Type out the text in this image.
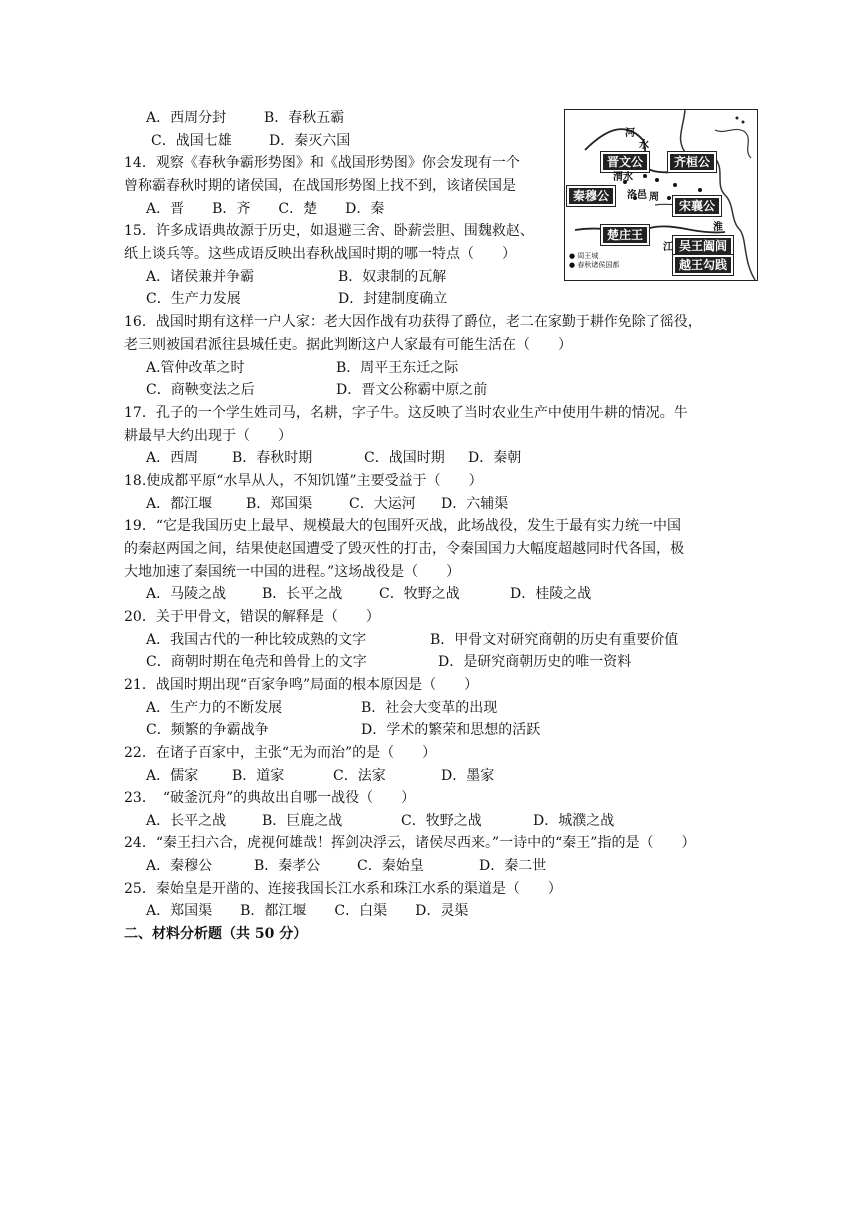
A．西周分封	B．春秋五霸
C．战国七雄	D．秦灭六国
晋文公	齐桓公
秦穆公
宋襄公
楚庄王
吴王阖闾
越王勾践
河
水
渭水
淮
江
洛邑 周
● 周王城
● 春秋诸侯国都
14．观察《春秋争霸形势图》和《战国形势图》你会发现有一个
曾称霸春秋时期的诸侯国，在战国形势图上找不到，该诸侯国是
A．晋　　B．齐　　C．楚　　D．秦
15．许多成语典故源于历史，如退避三舍、卧薪尝胆、围魏救赵、
纸上谈兵等。这些成语反映出春秋战国时期的哪一特点（　　）
A．诸侯兼并争霸	B．奴隶制的瓦解
C．生产力发展	D．封建制度确立
16．战国时期有这样一户人家：老大因作战有功获得了爵位，老二在家勤于耕作免除了徭役，
老三则被国君派往县城任吏。据此判断这户人家最有可能生活在（　　）
A.管仲改革之时	B．周平王东迁之际
C．商鞅变法之后	D．晋文公称霸中原之前
17．孔子的一个学生姓司马，名耕，字子牛。这反映了当时农业生产中使用牛耕的情况。牛
耕最早大约出现于（　　）
A．西周 B．春秋时期	C．战国时期 D．秦朝
18.使成都平原“水旱从人，不知饥馑”主要受益于（　　）
A．都江堰 B．郑国渠	C．大运河 D．六辅渠
19．“它是我国历史上最早、规模最大的包围歼灭战，此场战役，发生于最有实力统一中国
的秦赵两国之间，结果使赵国遭受了毁灭性的打击，令秦国国力大幅度超越同时代各国，极
大地加速了秦国统一中国的进程。”这场战役是（　　）
A．马陵之战	B．长平之战	C．牧野之战	D．桂陵之战
20．关于甲骨文，错误的解释是（　　）
A．我国古代的一种比较成熟的文字	B．甲骨文对研究商朝的历史有重要价值
C．商朝时期在龟壳和兽骨上的文字	D．是研究商朝历史的唯一资料
21．战国时期出现“百家争鸣”局面的根本原因是（　　）
A．生产力的不断发展	B．社会大变革的出现
C．频繁的争霸战争	D．学术的繁荣和思想的活跃
22．在诸子百家中，主张“无为而治”的是（　　）
A．儒家 B．道家	C．法家	D．墨家
23．　“破釜沉舟”的典故出自哪一战役（　　）
A．长平之战	B．巨鹿之战	C．牧野之战	D．城濮之战
24．“秦王扫六合，虎视何雄哉！挥剑决浮云，诸侯尽西来。”一诗中的“秦王”指的是（　　）
A．秦穆公	B．秦孝公	C．秦始皇	D．秦二世
25．秦始皇是开凿的、连接我国长江水系和珠江水系的渠道是（　　）
A．郑国渠　　B．都江堰　　C．白渠　　D．灵渠
二、材料分析题（共 50 分）
